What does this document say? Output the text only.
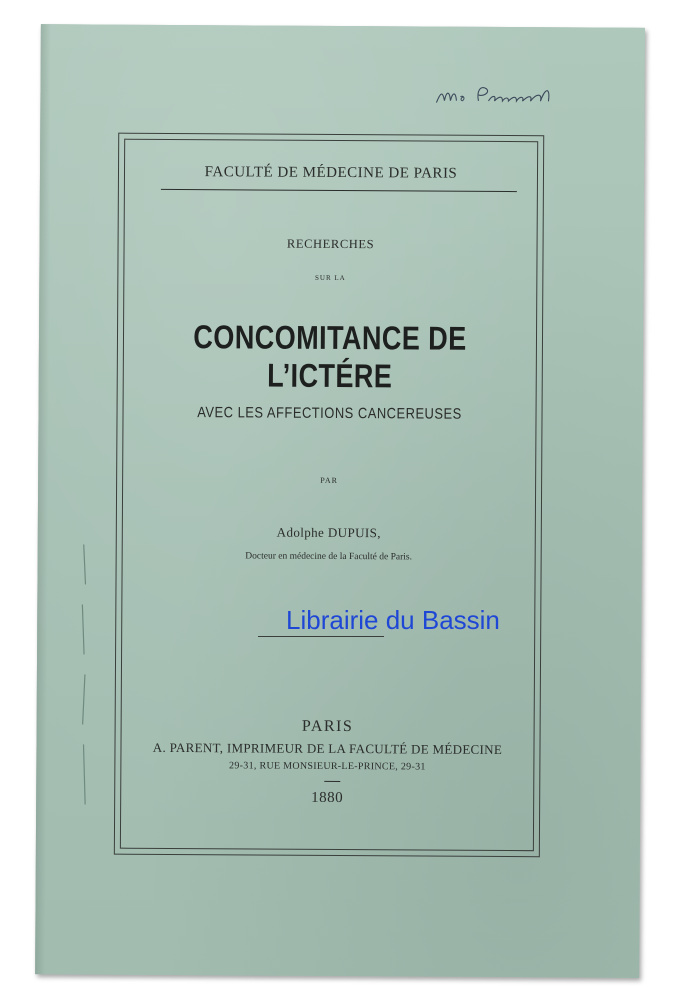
FACULTÉ DE MÉDECINE DE PARIS
RECHERCHES
SUR LA
CONCOMITANCE DE L’ICTÉRE
AVEC LES AFFECTIONS CANCEREUSES
PAR
Adolphe DUPUIS,
Docteur en médecine de la Faculté de Paris.
PARIS
A. PARENT, IMPRIMEUR DE LA FACULTÉ DE MÉDECINE
29-31, RUE MONSIEUR-LE-PRINCE, 29-31
1880
Librairie du Bassin
